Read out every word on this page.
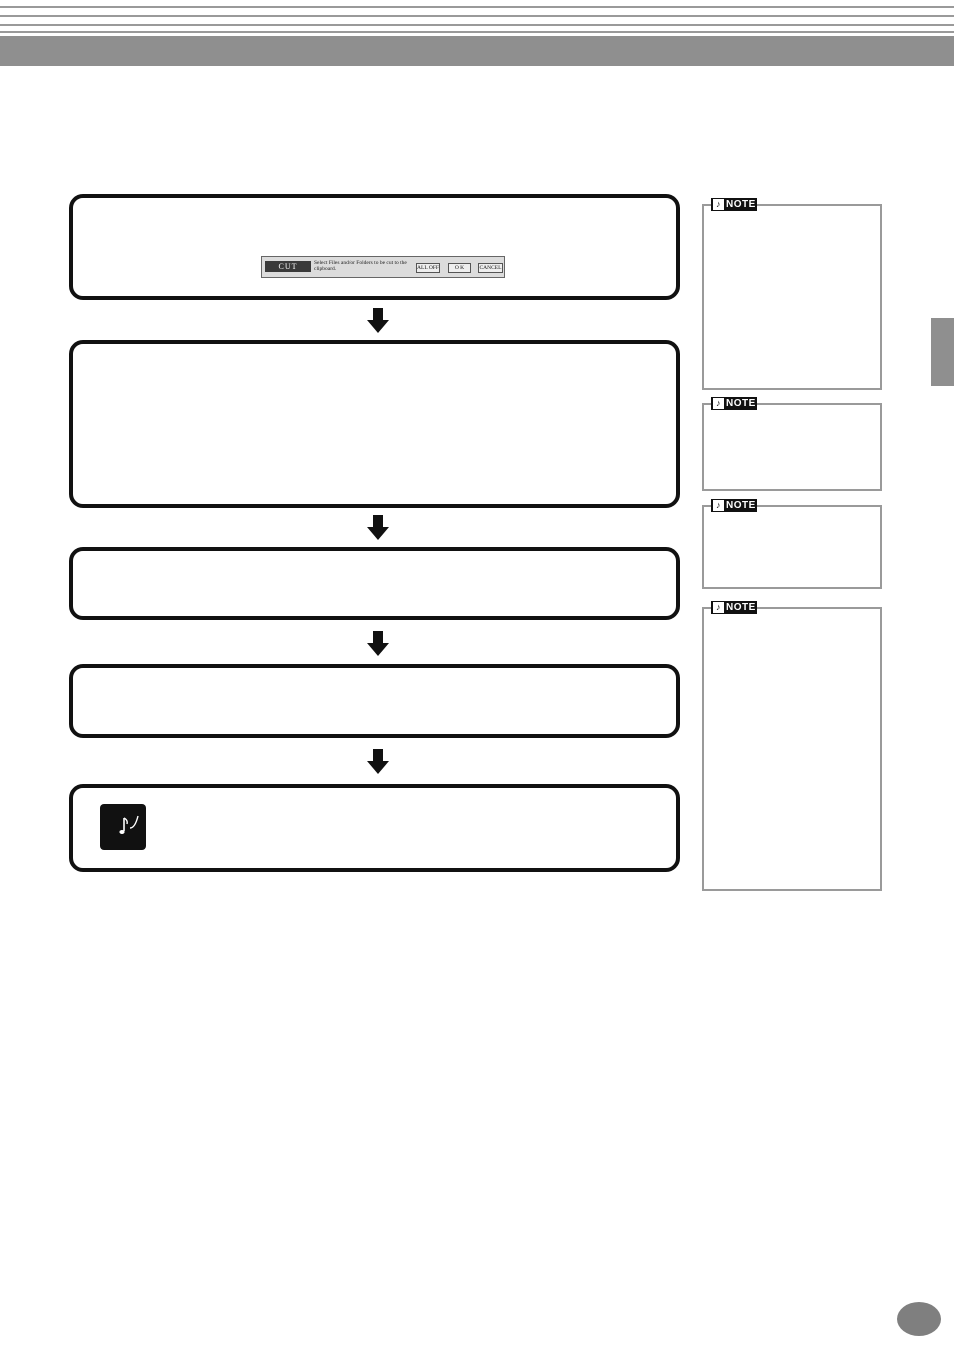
CUT	Select Files and/or Folders to be cut to the clipboard.	ALL OFF	O K	CANCEL
♪ NOTE
♪ NOTE
♪ NOTE
♪ NOTE
